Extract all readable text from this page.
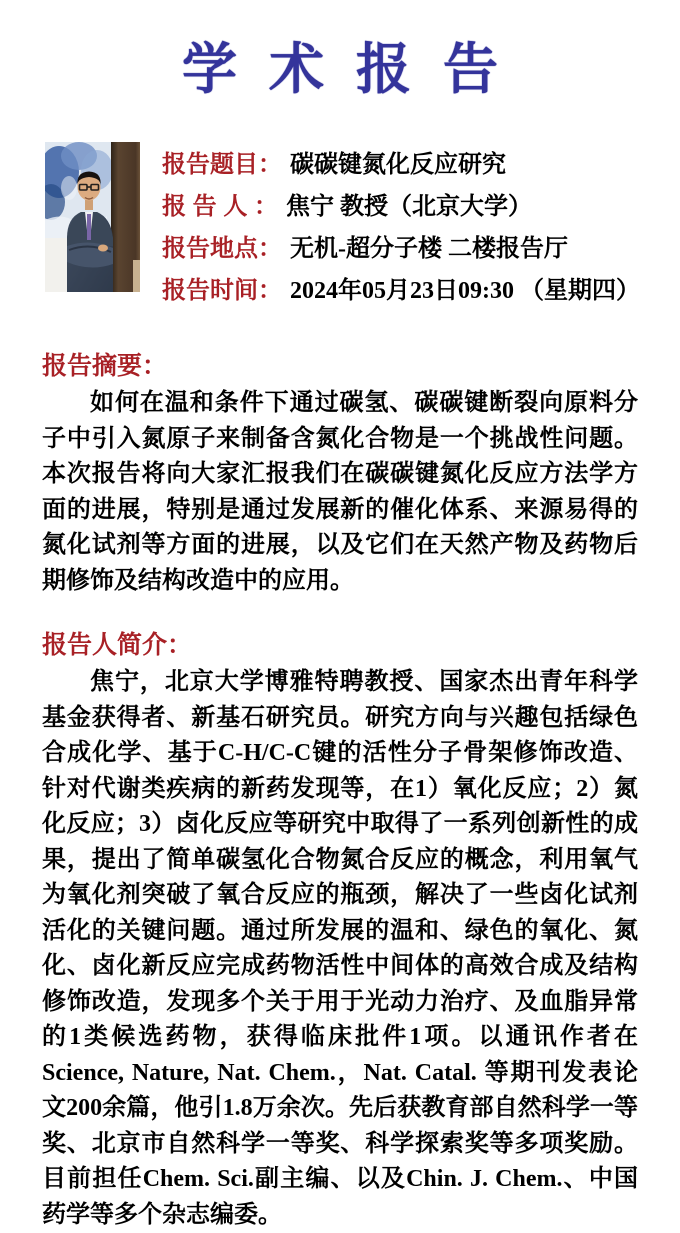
学术报告
报告题目： 碳碳键氮化反应研究
报 告 人 ： 焦宁 教授（北京大学）
报告地点： 无机-超分子楼 二楼报告厅
报告时间： 2024年05月23日09:30 （星期四）
报告摘要：

如何在温和条件下通过碳氢、碳碳键断裂向原料分子中引入氮原子来制备含氮化合物是一个挑战性问题。本次报告将向大家汇报我们在碳碳键氮化反应方法学方面的进展，特别是通过发展新的催化体系、来源易得的氮化试剂等方面的进展，以及它们在天然产物及药物后期修饰及结构改造中的应用。

报告人简介：

焦宁，北京大学博雅特聘教授、国家杰出青年科学基金获得者、新基石研究员。研究方向与兴趣包括绿色合成化学、基于C-H/C-C键的活性分子骨架修饰改造、针对代谢类疾病的新药发现等，在1）氧化反应；2）氮化反应；3）卤化反应等研究中取得了一系列创新性的成果，提出了简单碳氢化合物氮合反应的概念，利用氧气为氧化剂突破了氧合反应的瓶颈，解决了一些卤化试剂活化的关键问题。通过所发展的温和、绿色的氧化、氮化、卤化新反应完成药物活性中间体的高效合成及结构修饰改造，发现多个关于用于光动力治疗、及血脂异常的1类候选药物，获得临床批件1项。以通讯作者在Science, Nature, Nat. Chem.，Nat. Catal. 等期刊发表论文200余篇，他引1.8万余次。先后获教育部自然科学一等奖、北京市自然科学一等奖、科学探索奖等多项奖励。目前担任Chem. Sci.副主编、以及Chin. J. Chem.、中国药学等多个杂志编委。
